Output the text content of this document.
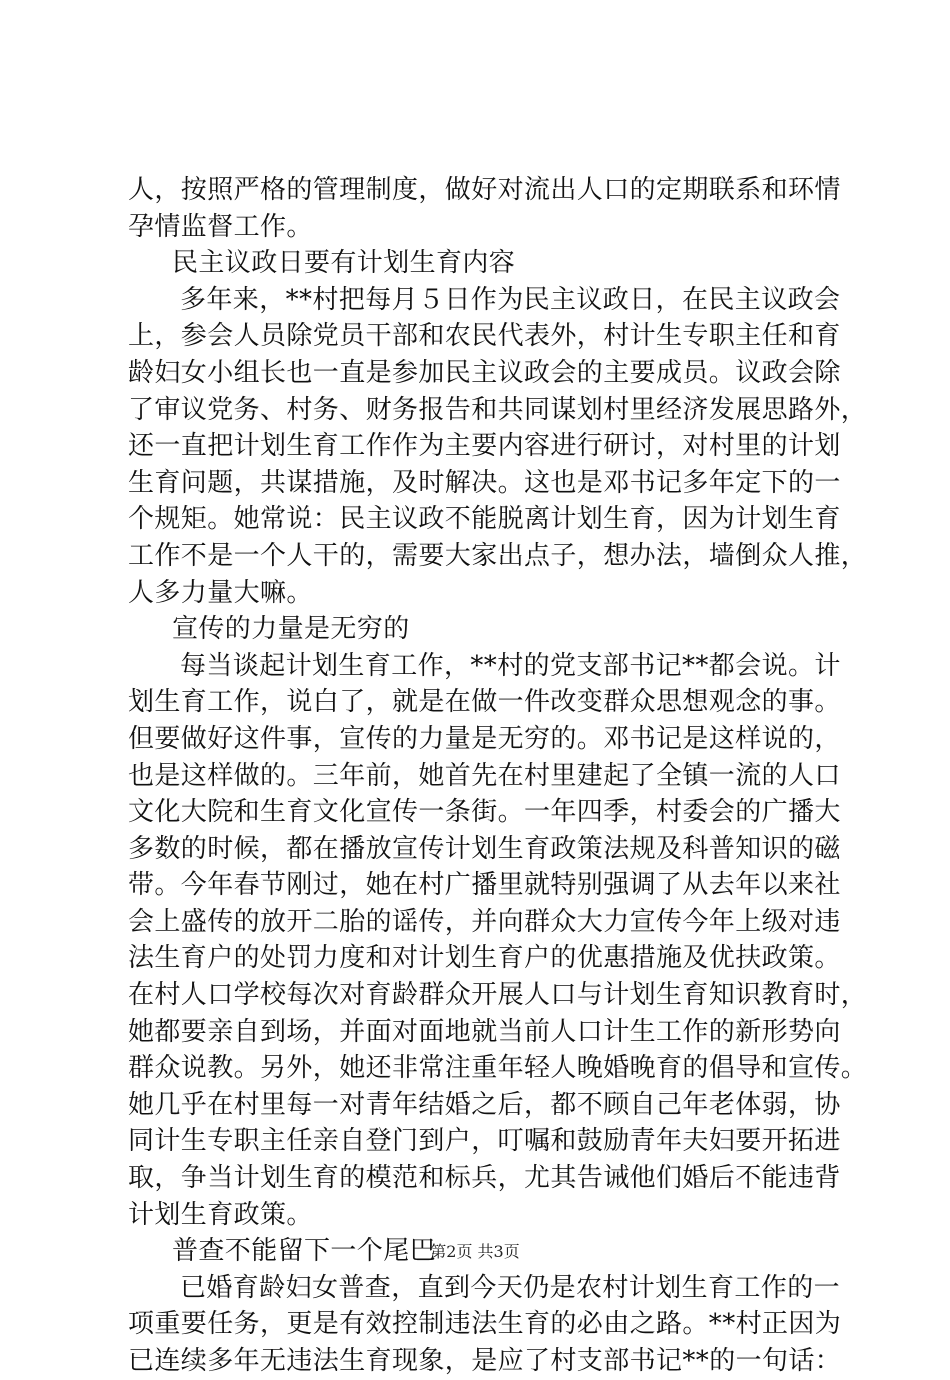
人，按照严格的管理制度，做好对流出人口的定期联系和环情
孕情监督工作。
民主议政日要有计划生育内容
多年来，**村把每月５日作为民主议政日，在民主议政会
上，参会人员除党员干部和农民代表外，村计生专职主任和育
龄妇女小组长也一直是参加民主议政会的主要成员。议政会除
了审议党务、村务、财务报告和共同谋划村里经济发展思路外，
还一直把计划生育工作作为主要内容进行研讨，对村里的计划
生育问题，共谋措施，及时解决。这也是邓书记多年定下的一
个规矩。她常说：民主议政不能脱离计划生育，因为计划生育
工作不是一个人干的，需要大家出点子，想办法，墙倒众人推，
人多力量大嘛。
宣传的力量是无穷的
每当谈起计划生育工作，**村的党支部书记**都会说。计
划生育工作，说白了，就是在做一件改变群众思想观念的事。
但要做好这件事，宣传的力量是无穷的。邓书记是这样说的，
也是这样做的。三年前，她首先在村里建起了全镇一流的人口
文化大院和生育文化宣传一条街。一年四季，村委会的广播大
多数的时候，都在播放宣传计划生育政策法规及科普知识的磁
带。今年春节刚过，她在村广播里就特别强调了从去年以来社
会上盛传的放开二胎的谣传，并向群众大力宣传今年上级对违
法生育户的处罚力度和对计划生育户的优惠措施及优扶政策。
在村人口学校每次对育龄群众开展人口与计划生育知识教育时，
她都要亲自到场，并面对面地就当前人口计生工作的新形势向
群众说教。另外，她还非常注重年轻人晚婚晚育的倡导和宣传。
她几乎在村里每一对青年结婚之后，都不顾自己年老体弱，协
同计生专职主任亲自登门到户，叮嘱和鼓励青年夫妇要开拓进
取，争当计划生育的模范和标兵，尤其告诫他们婚后不能违背
计划生育政策。
普查不能留下一个尾巴
已婚育龄妇女普查，直到今天仍是农村计划生育工作的一
项重要任务，更是有效控制违法生育的必由之路。**村正因为
已连续多年无违法生育现象，是应了村支部书记**的一句话：
第2页 共3页
